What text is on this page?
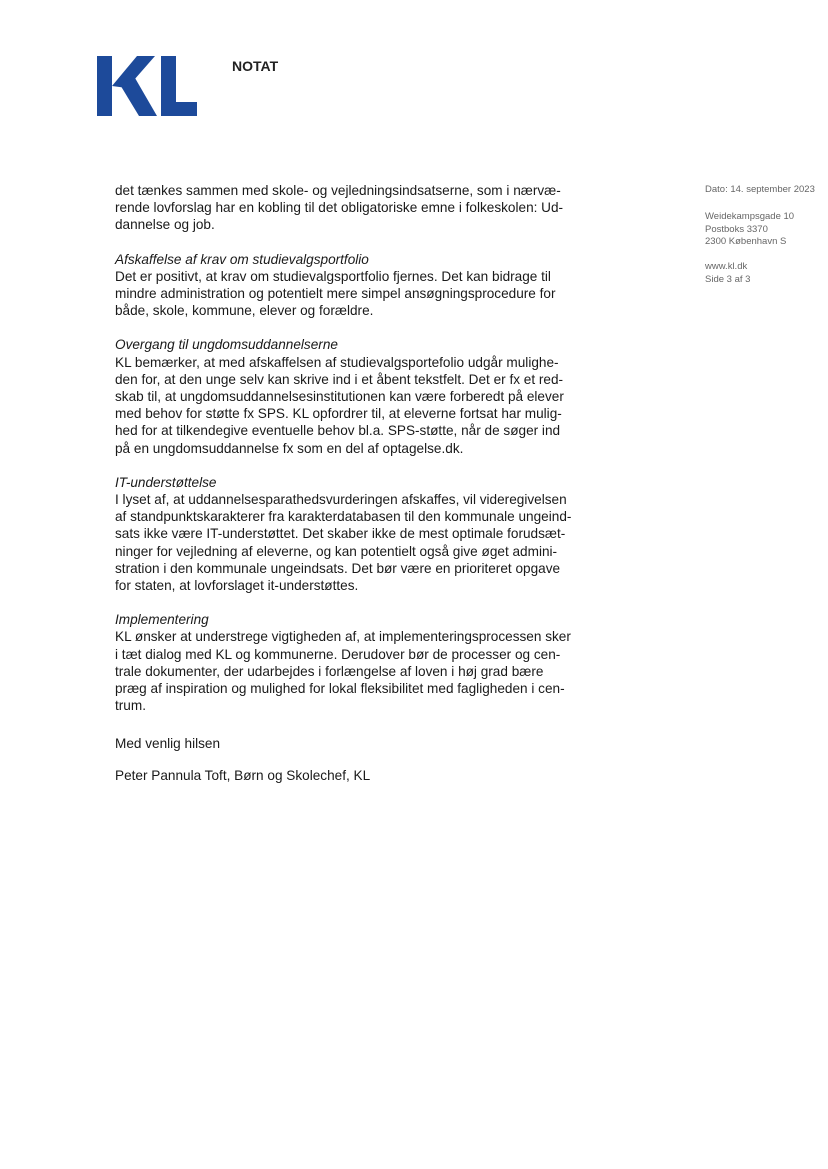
NOTAT
Dato: 14. september 2023
Weidekampsgade 10
Postboks 3370
2300 København S
www.kl.dk
Side 3 af 3

det tænkes sammen med skole- og vejledningsindsatserne, som i nærvæ-
rende lovforslag har en kobling til det obligatoriske emne i folkeskolen: Ud-
dannelse og job.

Afskaffelse af krav om studievalgsportfolio
Det er positivt, at krav om studievalgsportfolio fjernes. Det kan bidrage til
mindre administration og potentielt mere simpel ansøgningsprocedure for
både, skole, kommune, elever og forældre.
Overgang til ungdomsuddannelserne
KL bemærker, at med afskaffelsen af studievalgsportefolio udgår mulighe-
den for, at den unge selv kan skrive ind i et åbent tekstfelt. Det er fx et red-
skab til, at ungdomsuddannelsesinstitutionen kan være forberedt på elever
med behov for støtte fx SPS. KL opfordrer til, at eleverne fortsat har mulig-
hed for at tilkendegive eventuelle behov bl.a. SPS-støtte, når de søger ind
på en ungdomsuddannelse fx som en del af optagelse.dk.
IT-understøttelse
I lyset af, at uddannelsesparathedsvurderingen afskaffes, vil videregivelsen
af standpunktskarakterer fra karakterdatabasen til den kommunale ungeind-
sats ikke være IT-understøttet. Det skaber ikke de mest optimale forudsæt-
ninger for vejledning af eleverne, og kan potentielt også give øget admini-
stration i den kommunale ungeindsats. Det bør være en prioriteret opgave
for staten, at lovforslaget it-understøttes.
Implementering
KL ønsker at understrege vigtigheden af, at implementeringsprocessen sker
i tæt dialog med KL og kommunerne. Derudover bør de processer og cen-
trale dokumenter, der udarbejdes i forlængelse af loven i høj grad bære
præg af inspiration og mulighed for lokal fleksibilitet med fagligheden i cen-
trum.
Med venlig hilsen
Peter Pannula Toft, Børn og Skolechef, KL
